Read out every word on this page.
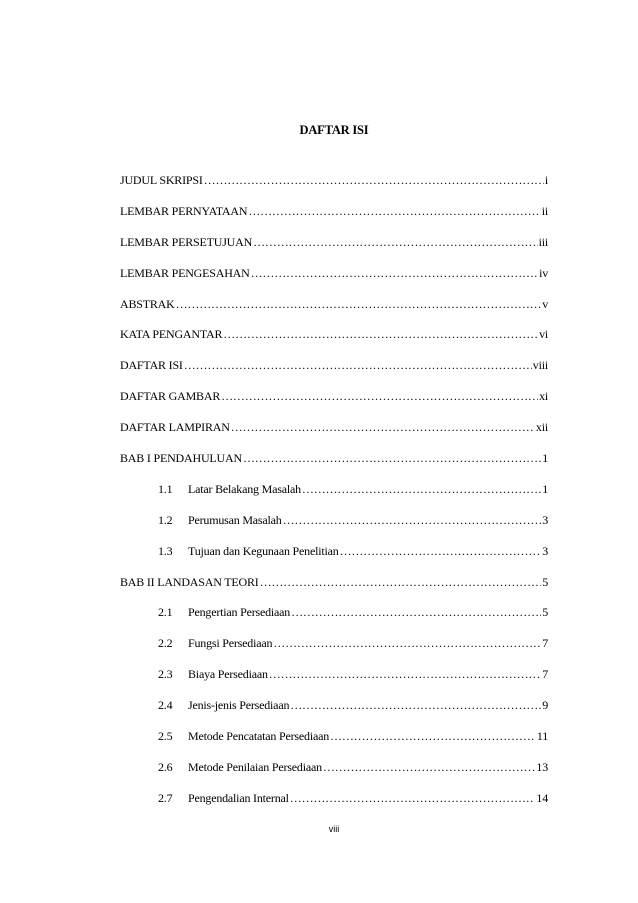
DAFTAR ISI
JUDUL SKRIPSI ………………………………………………………………………………………………………………………………………………………………………	i
LEMBAR PERNYATAAN ………………………………………………………………………………………………………………………………………………………………………	ii
LEMBAR PERSETUJUAN ………………………………………………………………………………………………………………………………………………………………………	iii
LEMBAR PENGESAHAN ………………………………………………………………………………………………………………………………………………………………………	iv
ABSTRAK ………………………………………………………………………………………………………………………………………………………………………	v
KATA PENGANTAR ………………………………………………………………………………………………………………………………………………………………………	vi
DAFTAR ISI ………………………………………………………………………………………………………………………………………………………………………	viii
DAFTAR GAMBAR ………………………………………………………………………………………………………………………………………………………………………	xi
DAFTAR LAMPIRAN ………………………………………………………………………………………………………………………………………………………………………	xii
BAB I PENDAHULUAN ………………………………………………………………………………………………………………………………………………………………………	1
1.1	Latar Belakang Masalah ………………………………………………………………………………………………………………………………………………………………………	1
1.2	Perumusan Masalah ………………………………………………………………………………………………………………………………………………………………………	3
1.3	Tujuan dan Kegunaan Penelitian ………………………………………………………………………………………………………………………………………………………………………	3
BAB II LANDASAN TEORI ………………………………………………………………………………………………………………………………………………………………………	5
2.1	Pengertian Persediaan ………………………………………………………………………………………………………………………………………………………………………	5
2.2	Fungsi Persediaan ………………………………………………………………………………………………………………………………………………………………………	7
2.3	Biaya Persediaan ………………………………………………………………………………………………………………………………………………………………………	7
2.4	Jenis-jenis Persediaan ………………………………………………………………………………………………………………………………………………………………………	9
2.5	Metode Pencatatan Persediaan ………………………………………………………………………………………………………………………………………………………………………	11
2.6	Metode Penilaian Persediaan ………………………………………………………………………………………………………………………………………………………………………	13
2.7	Pengendalian Internal ………………………………………………………………………………………………………………………………………………………………………	14
viii
